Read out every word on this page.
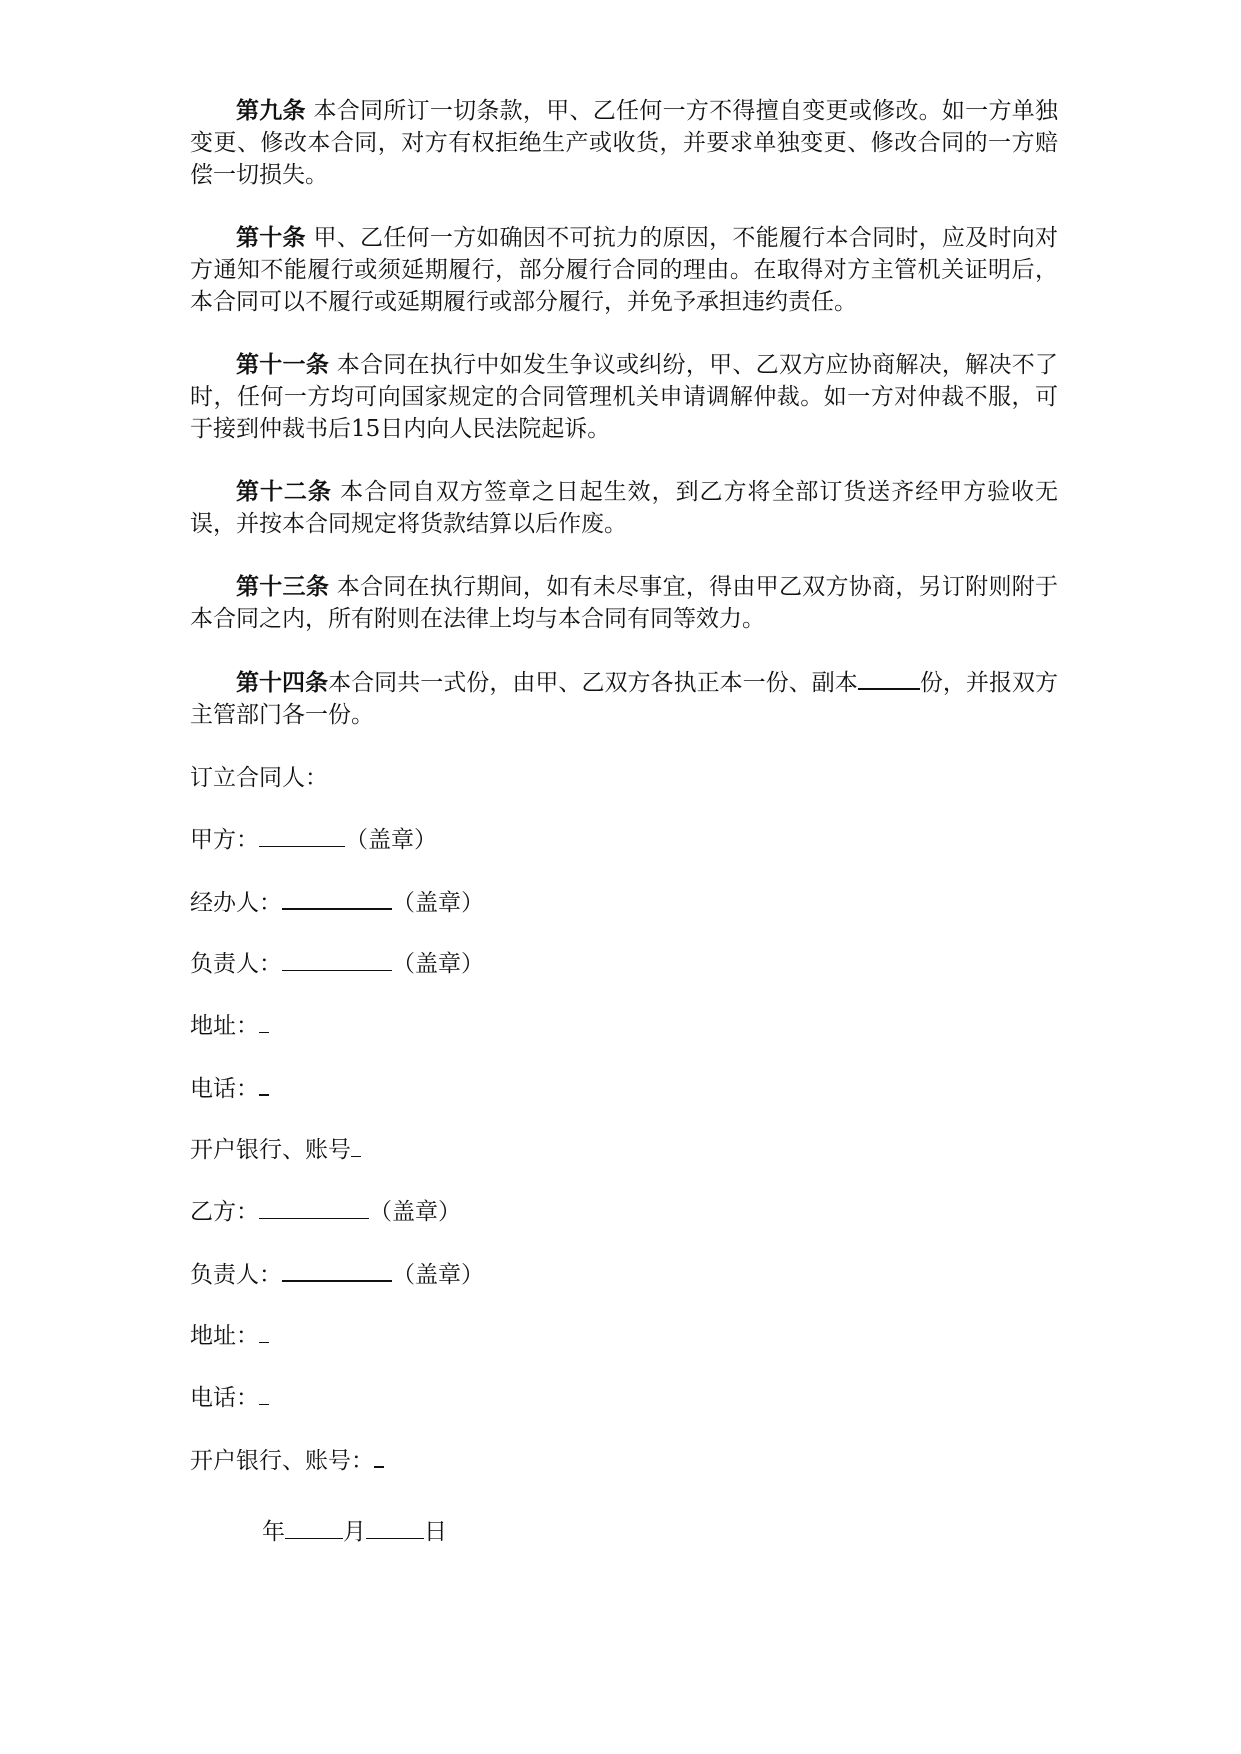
第九条 本合同所订一切条款，甲、乙任何一方不得擅自变更或修改。如一方单独变更、修改本合同，对方有权拒绝生产或收货，并要求单独变更、修改合同的一方赔偿一切损失。

第十条 甲、乙任何一方如确因不可抗力的原因，不能履行本合同时，应及时向对方通知不能履行或须延期履行，部分履行合同的理由。在取得对方主管机关证明后，本合同可以不履行或延期履行或部分履行，并免予承担违约责任。

第十一条 本合同在执行中如发生争议或纠纷，甲、乙双方应协商解决，解决不了时，任何一方均可向国家规定的合同管理机关申请调解仲裁。如一方对仲裁不服，可于接到仲裁书后15日内向人民法院起诉。

第十二条 本合同自双方签章之日起生效，到乙方将全部订货送齐经甲方验收无误，并按本合同规定将货款结算以后作废。

第十三条 本合同在执行期间，如有未尽事宜，得由甲乙双方协商，另订附则附于本合同之内，所有附则在法律上均与本合同有同等效力。

第十四条本合同共一式份，由甲、乙双方各执正本一份、副本	份，并报双方主管部门各一份。

订立合同人：

甲方：	（盖章）

经办人：	（盖章）

负责人：	（盖章）

地址：

电话：

开户银行、账号

乙方：	（盖章）

负责人：	（盖章）

地址：

电话：

开户银行、账号：

年	月	日
